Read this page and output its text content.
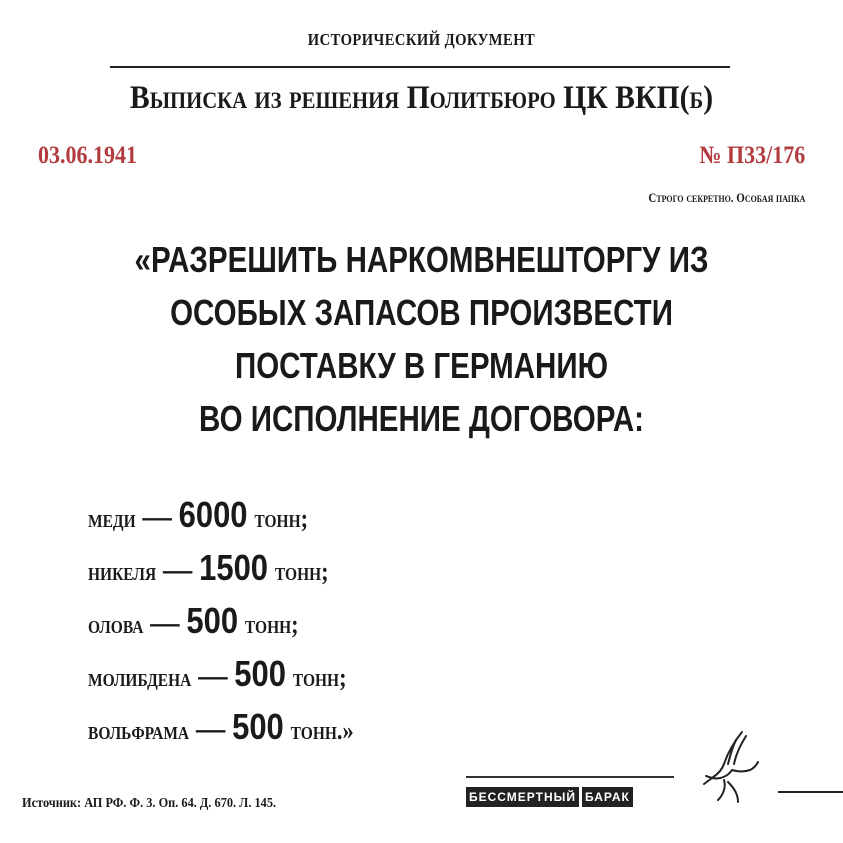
ИСТОРИЧЕСКИЙ ДОКУМЕНТ
Выписка из решения Политбюро ЦК ВКП(б)
03.06.1941	№ П33/176
Строго секретно. Особая папка
«РАЗРЕШИТЬ НАРКОМВНЕШТОРГУ ИЗ
ОСОБЫХ ЗАПАСОВ ПРОИЗВЕСТИ
ПОСТАВКУ В ГЕРМАНИЮ
ВО ИСПОЛНЕНИЕ ДОГОВОРА:
меди — 6000 тонн;
никеля — 1500 тонн;
олова — 500 тонн;
молибдена — 500 тонн;
вольфрама — 500 тонн.»
Источник: АП РФ. Ф. 3. Оп. 64. Д. 670. Л. 145.	БЕССМЕРТНЫЙ БАРАК
